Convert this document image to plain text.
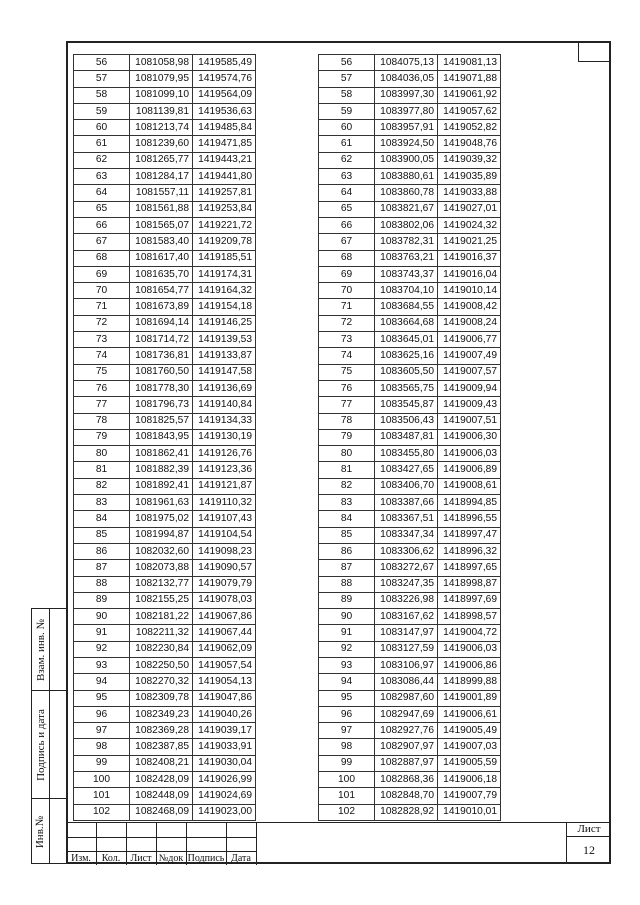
56	1081058,98	1419585,49
57	1081079,95	1419574,76
58	1081099,10	1419564,09
59	1081139,81	1419536,63
60	1081213,74	1419485,84
61	1081239,60	1419471,85
62	1081265,77	1419443,21
63	1081284,17	1419441,80
64	1081557,11	1419257,81
65	1081561,88	1419253,84
66	1081565,07	1419221,72
67	1081583,40	1419209,78
68	1081617,40	1419185,51
69	1081635,70	1419174,31
70	1081654,77	1419164,32
71	1081673,89	1419154,18
72	1081694,14	1419146,25
73	1081714,72	1419139,53
74	1081736,81	1419133,87
75	1081760,50	1419147,58
76	1081778,30	1419136,69
77	1081796,73	1419140,84
78	1081825,57	1419134,33
79	1081843,95	1419130,19
80	1081862,41	1419126,76
81	1081882,39	1419123,36
82	1081892,41	1419121,87
83	1081961,63	1419110,32
84	1081975,02	1419107,43
85	1081994,87	1419104,54
86	1082032,60	1419098,23
87	1082073,88	1419090,57
88	1082132,77	1419079,79
89	1082155,25	1419078,03
90	1082181,22	1419067,86
91	1082211,32	1419067,44
92	1082230,84	1419062,09
93	1082250,50	1419057,54
94	1082270,32	1419054,13
95	1082309,78	1419047,86
96	1082349,23	1419040,26
97	1082369,28	1419039,17
98	1082387,85	1419033,91
99	1082408,21	1419030,04
100	1082428,09	1419026,99
101	1082448,09	1419024,69
102	1082468,09	1419023,00
56	1084075,13	1419081,13
57	1084036,05	1419071,88
58	1083997,30	1419061,92
59	1083977,80	1419057,62
60	1083957,91	1419052,82
61	1083924,50	1419048,76
62	1083900,05	1419039,32
63	1083880,61	1419035,89
64	1083860,78	1419033,88
65	1083821,67	1419027,01
66	1083802,06	1419024,32
67	1083782,31	1419021,25
68	1083763,21	1419016,37
69	1083743,37	1419016,04
70	1083704,10	1419010,14
71	1083684,55	1419008,42
72	1083664,68	1419008,24
73	1083645,01	1419006,77
74	1083625,16	1419007,49
75	1083605,50	1419007,57
76	1083565,75	1419009,94
77	1083545,87	1419009,43
78	1083506,43	1419007,51
79	1083487,81	1419006,30
80	1083455,80	1419006,03
81	1083427,65	1419006,89
82	1083406,70	1419008,61
83	1083387,66	1418994,85
84	1083367,51	1418996,55
85	1083347,34	1418997,47
86	1083306,62	1418996,32
87	1083272,67	1418997,65
88	1083247,35	1418998,87
89	1083226,98	1418997,69
90	1083167,62	1418998,57
91	1083147,97	1419004,72
92	1083127,59	1419006,03
93	1083106,97	1419006,86
94	1083086,44	1418999,88
95	1082987,60	1419001,89
96	1082947,69	1419006,61
97	1082927,76	1419005,49
98	1082907,97	1419007,03
99	1082887,97	1419005,59
100	1082868,36	1419006,18
101	1082848,70	1419007,79
102	1082828,92	1419010,01
Взам. инв. №
Подпись и дата
Инв.№
Изм.	Кол.	Лист №док Подпись Дата
Лист
12
